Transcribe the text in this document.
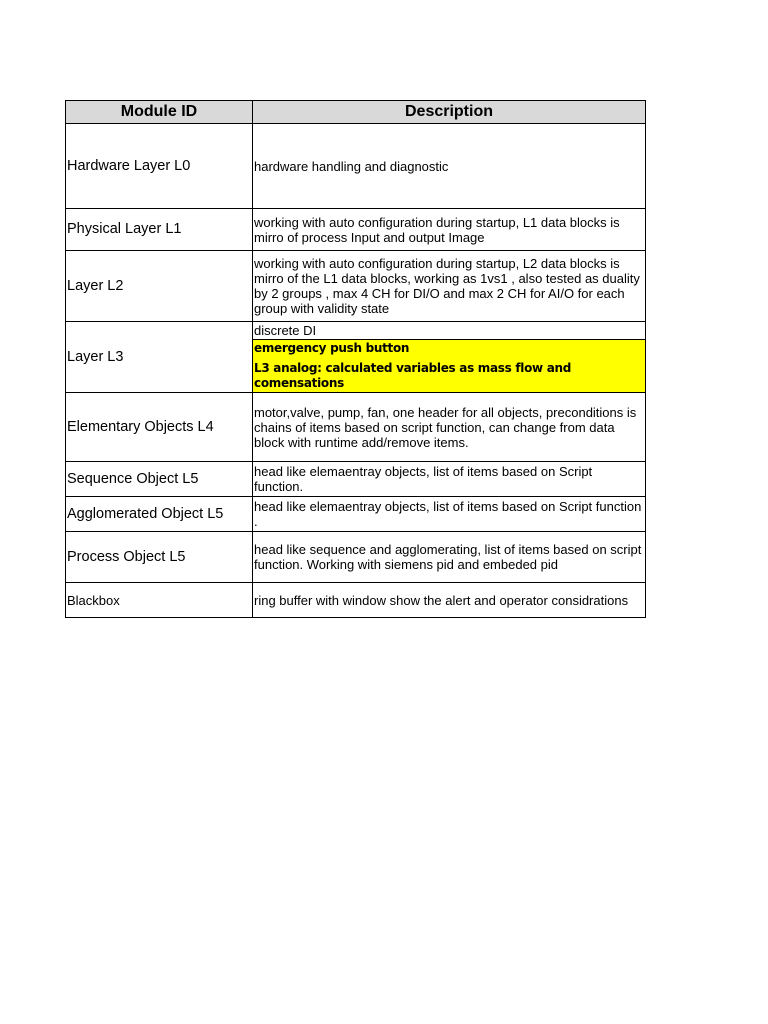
Module ID	Description
Hardware Layer L0	hardware handling and diagnostic
Physical Layer L1	working with auto configuration during startup, L1 data blocks is mirro of process Input and output Image
Layer L2	working with auto configuration during startup, L2 data blocks is mirro of the L1 data blocks, working as 1vs1 , also tested as duality by 2 groups , max 4 CH for DI/O and max 2 CH for AI/O for each group with validity state
Layer L3	discrete DI
emergency push button
L3 analog: calculated variables as mass flow and comensations

Elementary Objects L4	motor,valve, pump, fan, one header for all objects, preconditions is chains of items based on script function, can change from data block with runtime add/remove items.
Sequence Object L5	head like elemaentray objects, list of items based on Script function.
Agglomerated Object L5	head like elemaentray objects, list of items based on Script function .
Process Object L5	head like sequence and agglomerating, list of items based on script function. Working with siemens pid and embeded pid
Blackbox	ring buffer with window show the alert and operator considrations
